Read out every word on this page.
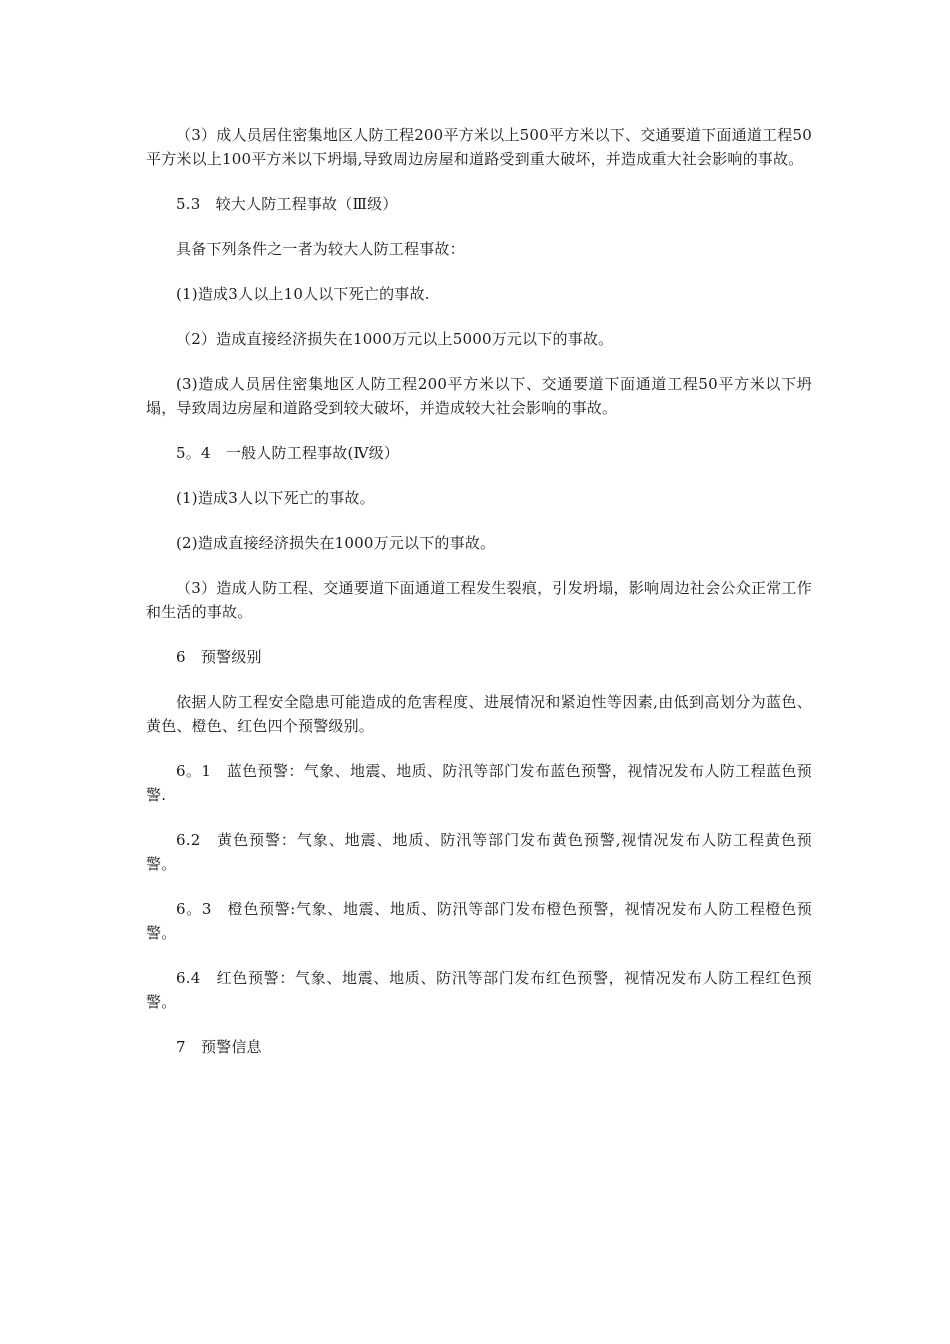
（3）成人员居住密集地区人防工程200平方米以上500平方米以下、交通要道下面通道工程50平方米以上100平方米以下坍塌,导致周边房屋和道路受到重大破坏，并造成重大社会影响的事故。

5.3　较大人防工程事故（Ⅲ级）

具备下列条件之一者为较大人防工程事故：

(1)造成3人以上10人以下死亡的事故.

（2）造成直接经济损失在1000万元以上5000万元以下的事故。

(3)造成人员居住密集地区人防工程200平方米以下、交通要道下面通道工程50平方米以下坍塌，导致周边房屋和道路受到较大破坏，并造成较大社会影响的事故。

5。4　一般人防工程事故(Ⅳ级）

(1)造成3人以下死亡的事故。

(2)造成直接经济损失在1000万元以下的事故。

（3）造成人防工程、交通要道下面通道工程发生裂痕，引发坍塌，影响周边社会公众正常工作和生活的事故。

6　预警级别

依据人防工程安全隐患可能造成的危害程度、进展情况和紧迫性等因素,由低到高划分为蓝色、黄色、橙色、红色四个预警级别。

6。1　蓝色预警：气象、地震、地质、防汛等部门发布蓝色预警，视情况发布人防工程蓝色预警.

6.2　黄色预警：气象、地震、地质、防汛等部门发布黄色预警,视情况发布人防工程黄色预警。

6。3　橙色预警:气象、地震、地质、防汛等部门发布橙色预警，视情况发布人防工程橙色预警。

6.4　红色预警：气象、地震、地质、防汛等部门发布红色预警，视情况发布人防工程红色预警。

7　预警信息
